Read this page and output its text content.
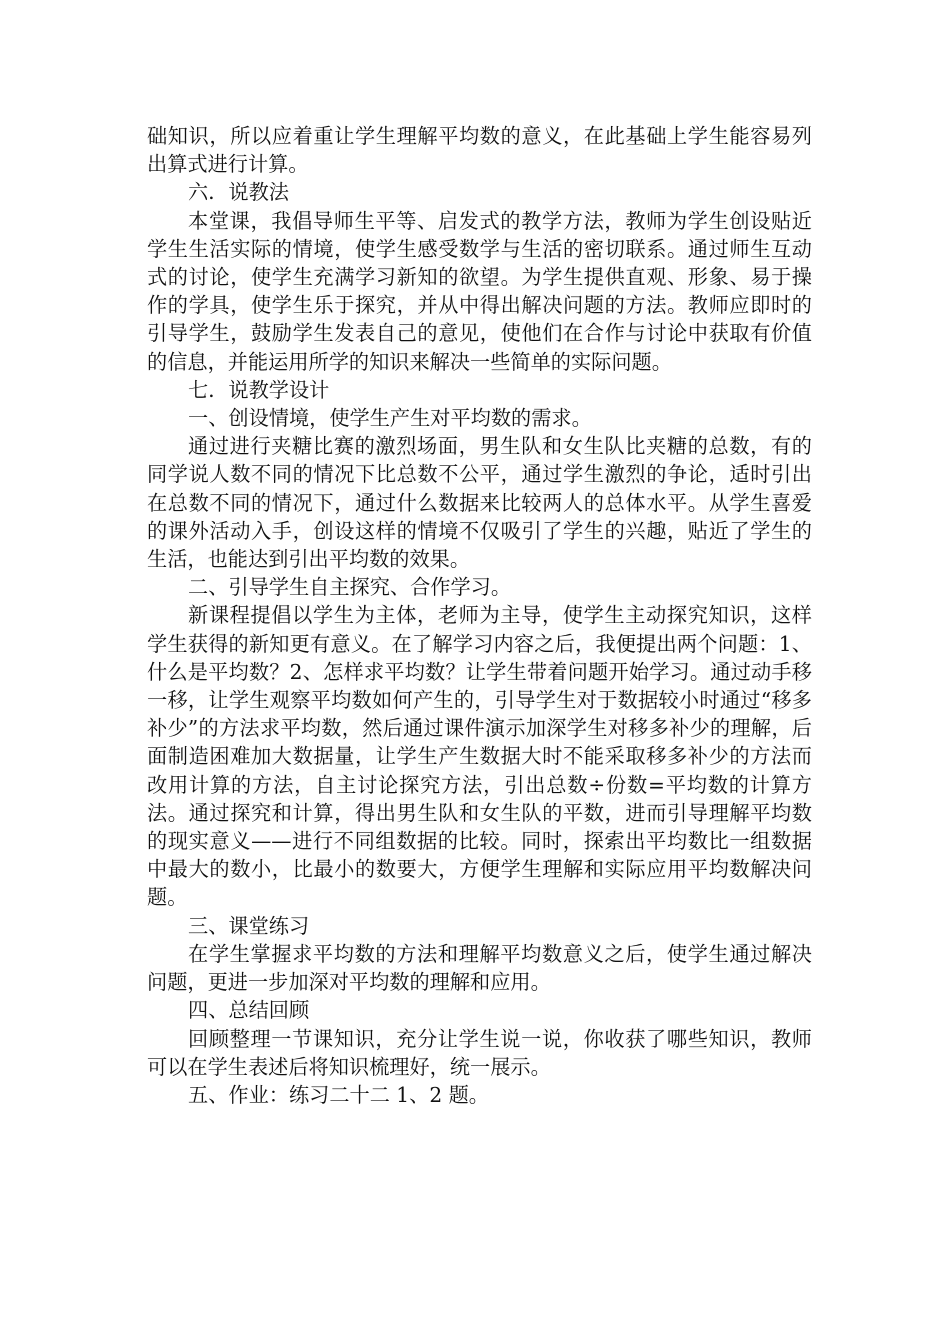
础知识，所以应着重让学生理解平均数的意义，在此基础上学生能容易列出算式进行计算。

六．说教法

本堂课，我倡导师生平等、启发式的教学方法，教师为学生创设贴近学生生活实际的情境，使学生感受数学与生活的密切联系。通过师生互动式的讨论，使学生充满学习新知的欲望。为学生提供直观、形象、易于操作的学具，使学生乐于探究，并从中得出解决问题的方法。教师应即时的引导学生，鼓励学生发表自己的意见，使他们在合作与讨论中获取有价值的信息，并能运用所学的知识来解决一些简单的实际问题。

七．说教学设计

一、创设情境，使学生产生对平均数的需求。

通过进行夹糖比赛的激烈场面，男生队和女生队比夹糖的总数，有的同学说人数不同的情况下比总数不公平，通过学生激烈的争论，适时引出在总数不同的情况下，通过什么数据来比较两人的总体水平。从学生喜爱的课外活动入手，创设这样的情境不仅吸引了学生的兴趣，贴近了学生的生活，也能达到引出平均数的效果。

二、引导学生自主探究、合作学习。

新课程提倡以学生为主体，老师为主导，使学生主动探究知识，这样学生获得的新知更有意义。在了解学习内容之后，我便提出两个问题：1、什么是平均数？2、怎样求平均数？让学生带着问题开始学习。通过动手移一移，让学生观察平均数如何产生的，引导学生对于数据较小时通过“移多补少”的方法求平均数，然后通过课件演示加深学生对移多补少的理解，后面制造困难加大数据量，让学生产生数据大时不能采取移多补少的方法而改用计算的方法，自主讨论探究方法，引出总数÷份数=平均数的计算方法。通过探究和计算，得出男生队和女生队的平数，进而引导理解平均数的现实意义——进行不同组数据的比较。同时，探索出平均数比一组数据中最大的数小，比最小的数要大，方便学生理解和实际应用平均数解决问题。

三、课堂练习

在学生掌握求平均数的方法和理解平均数意义之后，使学生通过解决问题，更进一步加深对平均数的理解和应用。

四、总结回顾

回顾整理一节课知识，充分让学生说一说，你收获了哪些知识，教师可以在学生表述后将知识梳理好，统一展示。

五、作业：练习二十二 1、2 题。
